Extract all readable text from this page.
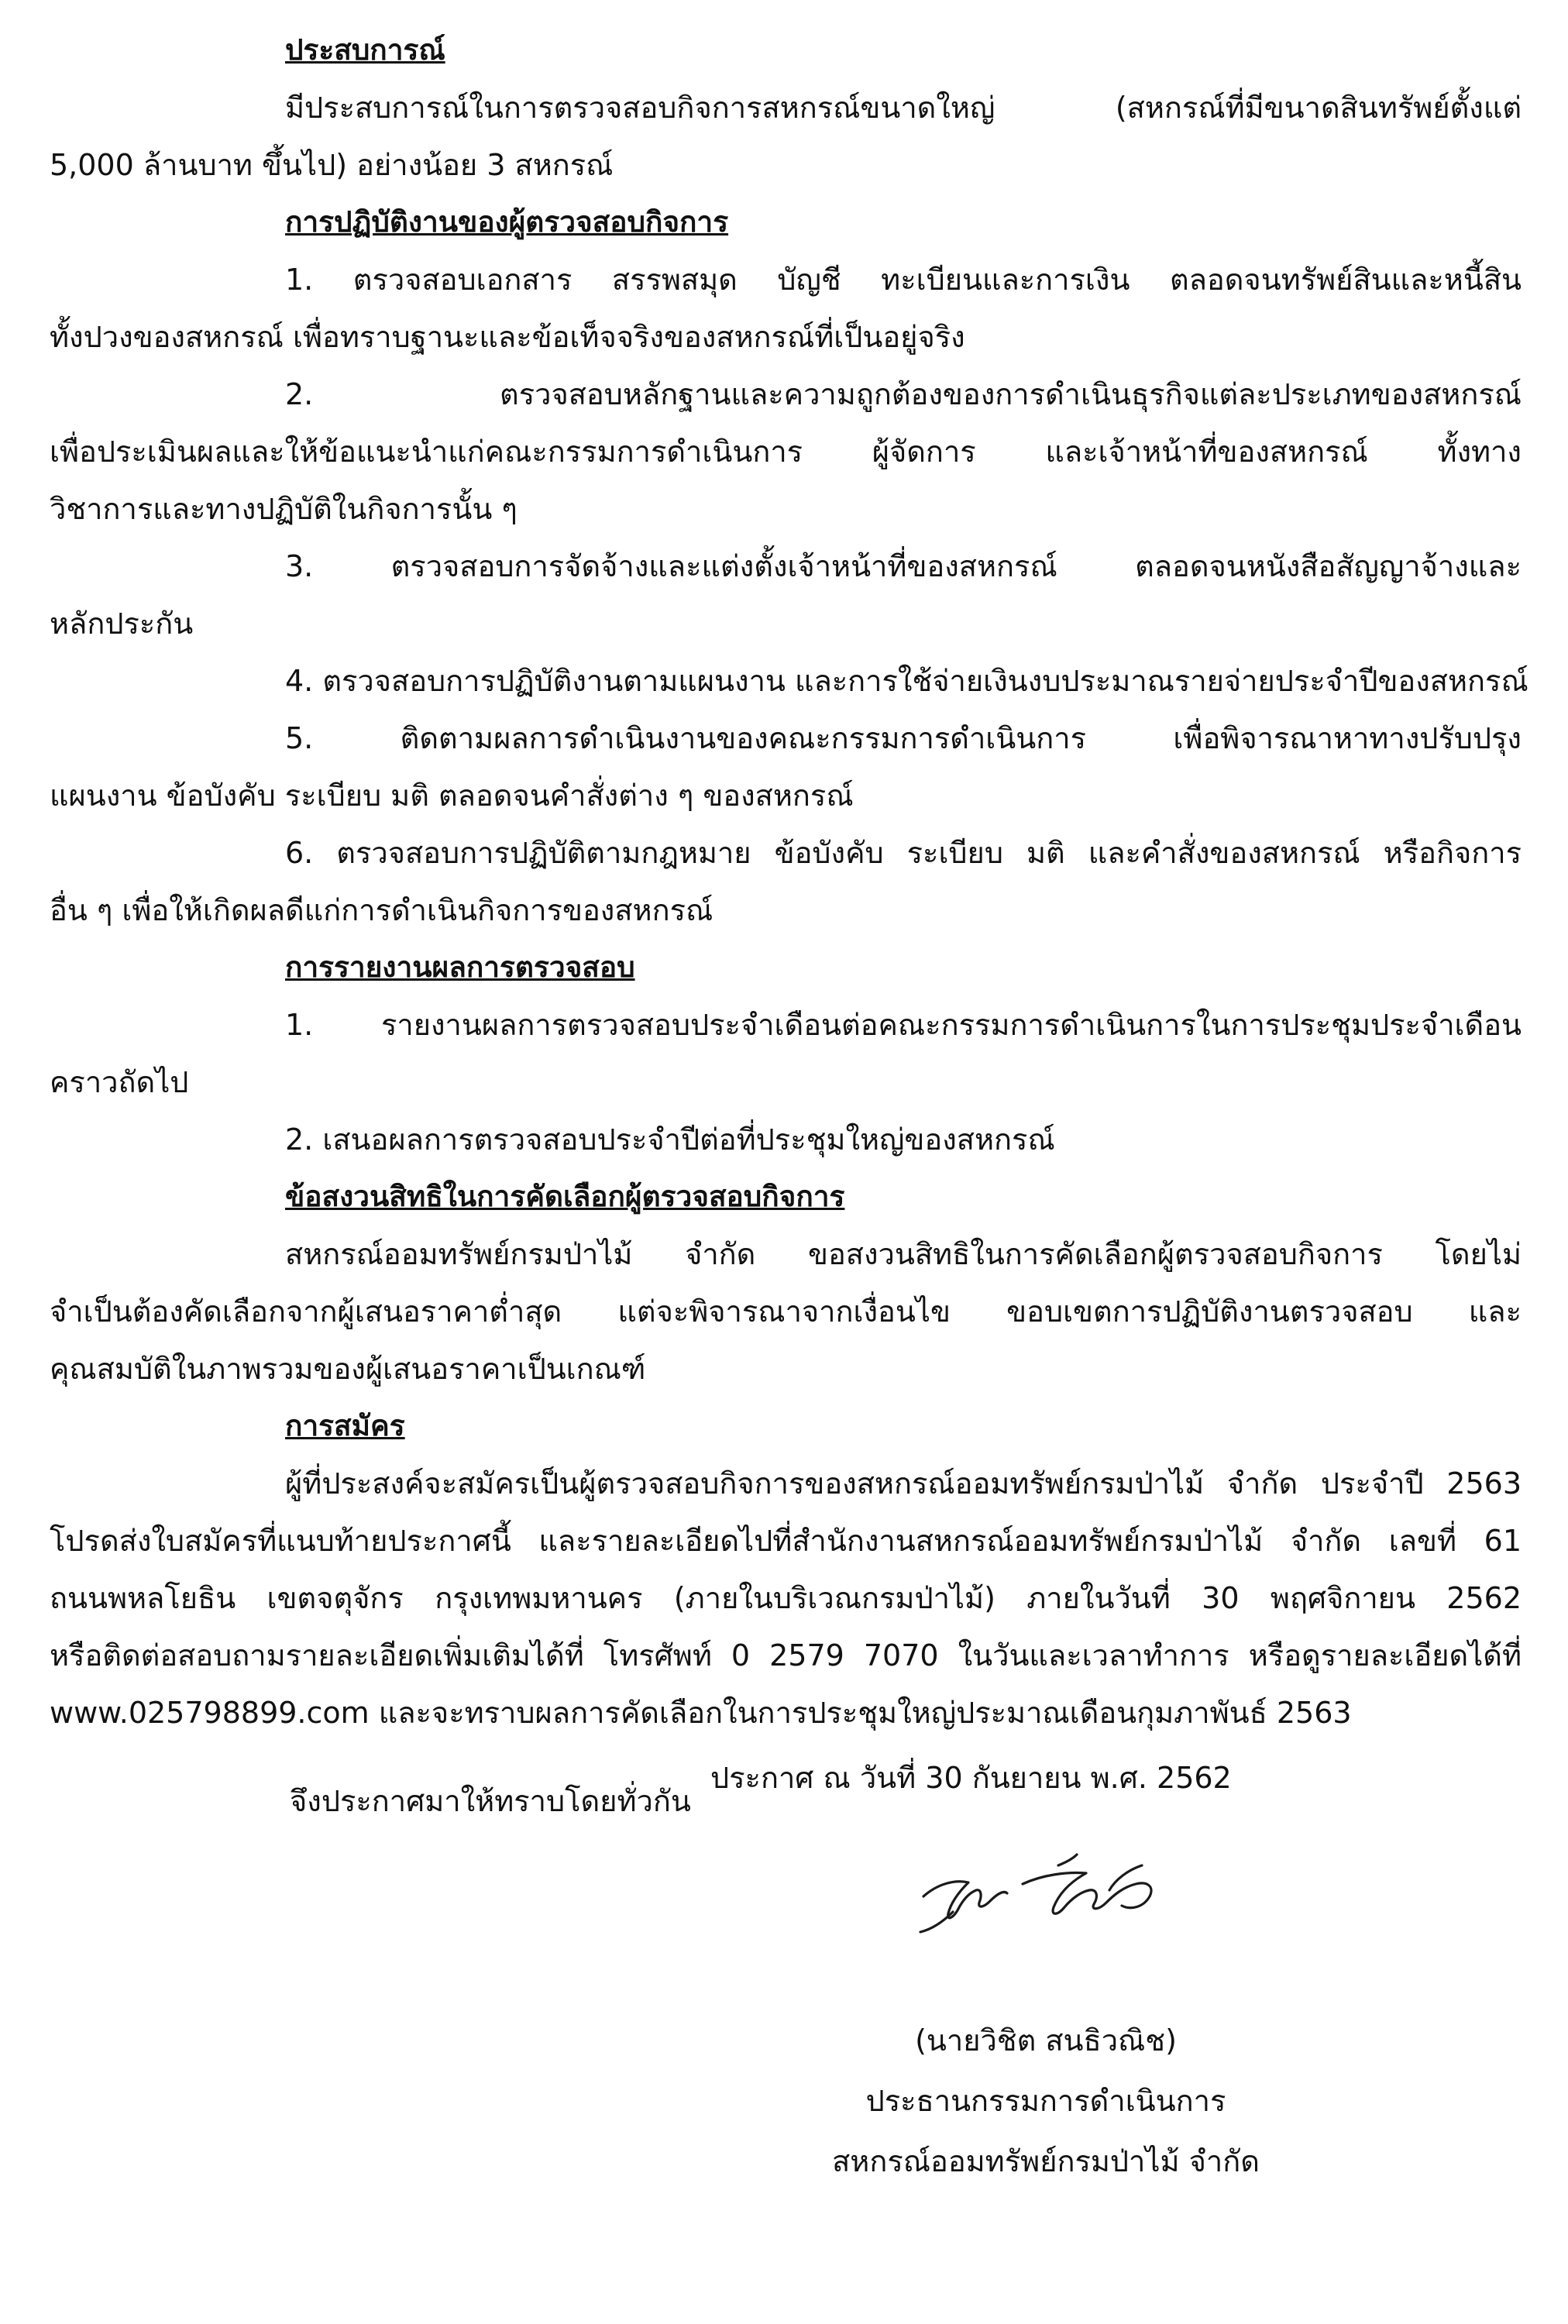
ประสบการณ์
มีประสบการณ์ในการตรวจสอบกิจการสหกรณ์ขนาดใหญ่ (สหกรณ์ที่มีขนาดสินทรัพย์ตั้งแต่
5,000 ล้านบาท ขึ้นไป) อย่างน้อย 3 สหกรณ์
การปฏิบัติงานของผู้ตรวจสอบกิจการ
1. ตรวจสอบเอกสาร สรรพสมุด บัญชี ทะเบียนและการเงิน ตลอดจนทรัพย์สินและหนี้สิน
ทั้งปวงของสหกรณ์ เพื่อทราบฐานะและข้อเท็จจริงของสหกรณ์ที่เป็นอยู่จริง
2. ตรวจสอบหลักฐานและความถูกต้องของการดำเนินธุรกิจแต่ละประเภทของสหกรณ์
เพื่อประเมินผลและให้ข้อแนะนำแก่คณะกรรมการดำเนินการ ผู้จัดการ และเจ้าหน้าที่ของสหกรณ์ ทั้งทาง
วิชาการและทางปฏิบัติในกิจการนั้น ๆ
3. ตรวจสอบการจัดจ้างและแต่งตั้งเจ้าหน้าที่ของสหกรณ์ ตลอดจนหนังสือสัญญาจ้างและ
หลักประกัน
4. ตรวจสอบการปฏิบัติงานตามแผนงาน และการใช้จ่ายเงินงบประมาณรายจ่ายประจำปีของสหกรณ์
5. ติดตามผลการดำเนินงานของคณะกรรมการดำเนินการ เพื่อพิจารณาหาทางปรับปรุง
แผนงาน ข้อบังคับ ระเบียบ มติ ตลอดจนคำสั่งต่าง ๆ ของสหกรณ์
6. ตรวจสอบการปฏิบัติตามกฎหมาย ข้อบังคับ ระเบียบ มติ และคำสั่งของสหกรณ์ หรือกิจการ
อื่น ๆ เพื่อให้เกิดผลดีแก่การดำเนินกิจการของสหกรณ์
การรายงานผลการตรวจสอบ
1. รายงานผลการตรวจสอบประจำเดือนต่อคณะกรรมการดำเนินการในการประชุมประจำเดือน
คราวถัดไป
2. เสนอผลการตรวจสอบประจำปีต่อที่ประชุมใหญ่ของสหกรณ์
ข้อสงวนสิทธิในการคัดเลือกผู้ตรวจสอบกิจการ
สหกรณ์ออมทรัพย์กรมป่าไม้ จำกัด ขอสงวนสิทธิในการคัดเลือกผู้ตรวจสอบกิจการ โดยไม่
จำเป็นต้องคัดเลือกจากผู้เสนอราคาต่ำสุด แต่จะพิจารณาจากเงื่อนไข ขอบเขตการปฏิบัติงานตรวจสอบ และ
คุณสมบัติในภาพรวมของผู้เสนอราคาเป็นเกณฑ์
การสมัคร
ผู้ที่ประสงค์จะสมัครเป็นผู้ตรวจสอบกิจการของสหกรณ์ออมทรัพย์กรมป่าไม้ จำกัด ประจำปี 2563
โปรดส่งใบสมัครที่แนบท้ายประกาศนี้ และรายละเอียดไปที่สำนักงานสหกรณ์ออมทรัพย์กรมป่าไม้ จำกัด เลขที่ 61
ถนนพหลโยธิน เขตจตุจักร กรุงเทพมหานคร (ภายในบริเวณกรมป่าไม้) ภายในวันที่ 30 พฤศจิกายน 2562
หรือติดต่อสอบถามรายละเอียดเพิ่มเติมได้ที่ โทรศัพท์ 0 2579 7070 ในวันและเวลาทำการ หรือดูรายละเอียดได้ที่
www.025798899.com และจะทราบผลการคัดเลือกในการประชุมใหญ่ประมาณเดือนกุมภาพันธ์ 2563
จึงประกาศมาให้ทราบโดยทั่วกัน
ประกาศ ณ วันที่ 30 กันยายน พ.ศ. 2562
(นายวิชิต สนธิวณิช)
ประธานกรรมการดำเนินการ
สหกรณ์ออมทรัพย์กรมป่าไม้ จำกัด
